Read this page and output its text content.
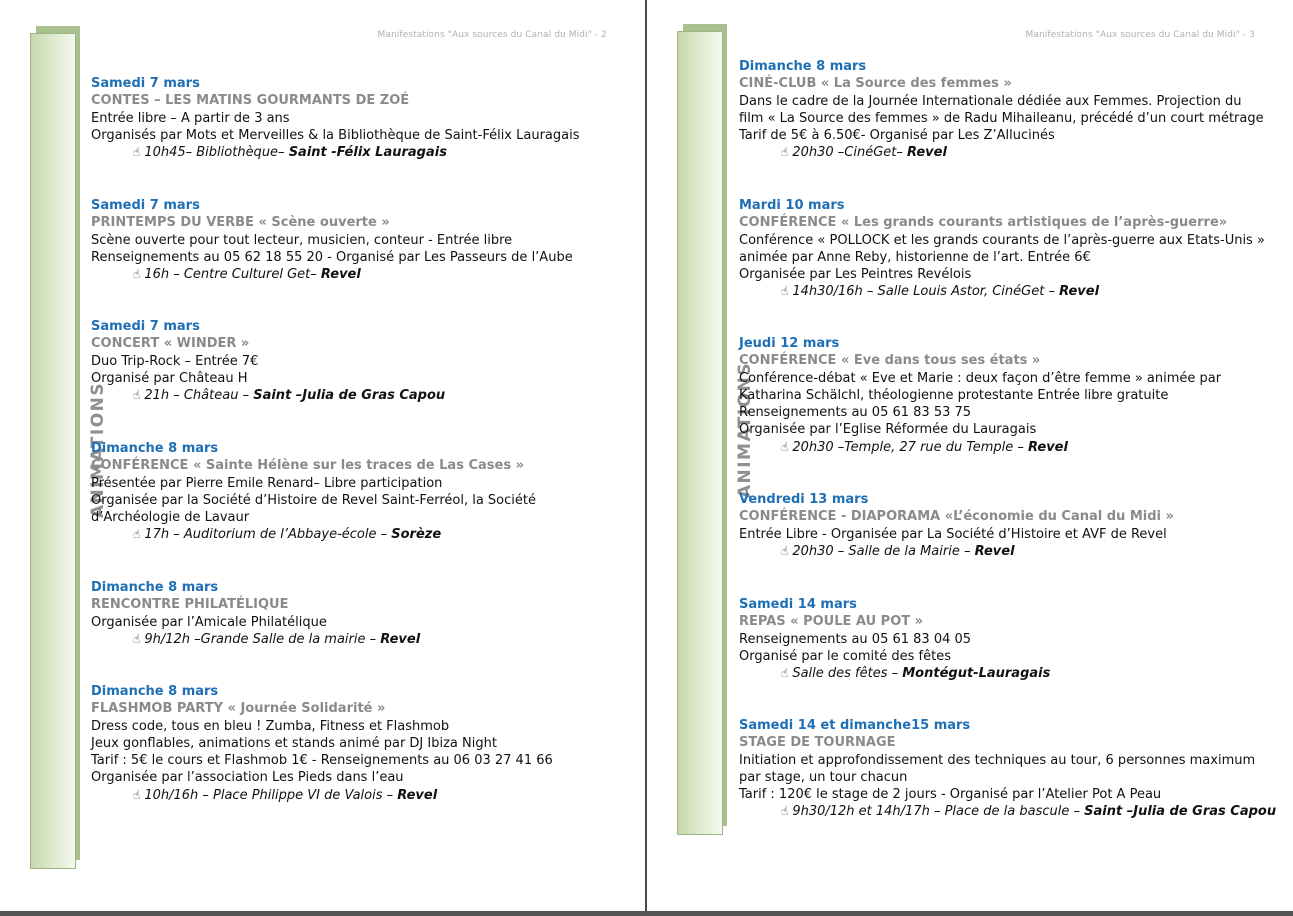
Manifestations "Aux sources du Canal du Midi" - 2
ANIMATIONS
Samedi 7 mars
CONTES – LES MATINS GOURMANTS DE ZOÉ
Entrée libre – A partir de 3 ans
Organisés par Mots et Merveilles & la Bibliothèque de Saint-Félix Lauragais
☝ 10h45– Bibliothèque– Saint -Félix Lauragais
Samedi 7 mars
PRINTEMPS DU VERBE « Scène ouverte »
Scène ouverte pour tout lecteur, musicien, conteur - Entrée libre
Renseignements au 05 62 18 55 20 - Organisé par Les Passeurs de l’Aube
☝ 16h – Centre Culturel Get– Revel
Samedi 7 mars
CONCERT « WINDER »
Duo Trip-Rock – Entrée 7€
Organisé par Château H
☝ 21h – Château – Saint –Julia de Gras Capou
Dimanche 8 mars
CONFÉRENCE « Sainte Hélène sur les traces de Las Cases »
Présentée par Pierre Emile Renard– Libre participation
Organisée par la Société d’Histoire de Revel Saint-Ferréol, la Société
d’Archéologie de Lavaur
☝ 17h – Auditorium de l’Abbaye-école – Sorèze
Dimanche 8 mars
RENCONTRE PHILATÉLIQUE
Organisée par l’Amicale Philatélique
☝ 9h/12h –Grande Salle de la mairie – Revel
Dimanche 8 mars
FLASHMOB PARTY « Journée Solidarité »
Dress code, tous en bleu ! Zumba, Fitness et Flashmob
Jeux gonflables, animations et stands animé par DJ Ibiza Night
Tarif : 5€ le cours et Flashmob 1€ - Renseignements au 06 03 27 41 66
Organisée par l’association Les Pieds dans l’eau
☝ 10h/16h – Place Philippe VI de Valois – Revel
Manifestations "Aux sources du Canal du Midi" - 3
ANIMATIONS
Dimanche 8 mars
CINÉ-CLUB « La Source des femmes »
Dans le cadre de la Journée Internationale dédiée aux Femmes. Projection du
film « La Source des femmes » de Radu Mihaileanu, précédé d’un court métrage
Tarif de 5€ à 6.50€- Organisé par Les Z’Allucinés
☝ 20h30 –CinéGet– Revel
Mardi 10 mars
CONFÉRENCE « Les grands courants artistiques de l’après-guerre»
Conférence « POLLOCK et les grands courants de l’après-guerre aux Etats-Unis »
animée par Anne Reby, historienne de l’art. Entrée 6€
Organisée par Les Peintres Revélois
☝ 14h30/16h – Salle Louis Astor, CinéGet – Revel
Jeudi 12 mars
CONFÉRENCE « Eve dans tous ses états »
Conférence-débat « Eve et Marie : deux façon d’être femme » animée par
Katharina Schälchl, théologienne protestante Entrée libre gratuite
Renseignements au 05 61 83 53 75
Organisée par l’Eglise Réformée du Lauragais
☝ 20h30 –Temple, 27 rue du Temple – Revel
Vendredi 13 mars
CONFÉRENCE - DIAPORAMA «L’économie du Canal du Midi »
Entrée Libre - Organisée par La Société d’Histoire et AVF de Revel
☝ 20h30 – Salle de la Mairie – Revel
Samedi 14 mars
REPAS « POULE AU POT »
Renseignements au 05 61 83 04 05
Organisé par le comité des fêtes
☝ Salle des fêtes – Montégut-Lauragais
Samedi 14 et dimanche15 mars
STAGE DE TOURNAGE
Initiation et approfondissement des techniques au tour, 6 personnes maximum
par stage, un tour chacun
Tarif : 120€ le stage de 2 jours - Organisé par l’Atelier Pot A Peau
☝ 9h30/12h et 14h/17h – Place de la bascule – Saint –Julia de Gras Capou
